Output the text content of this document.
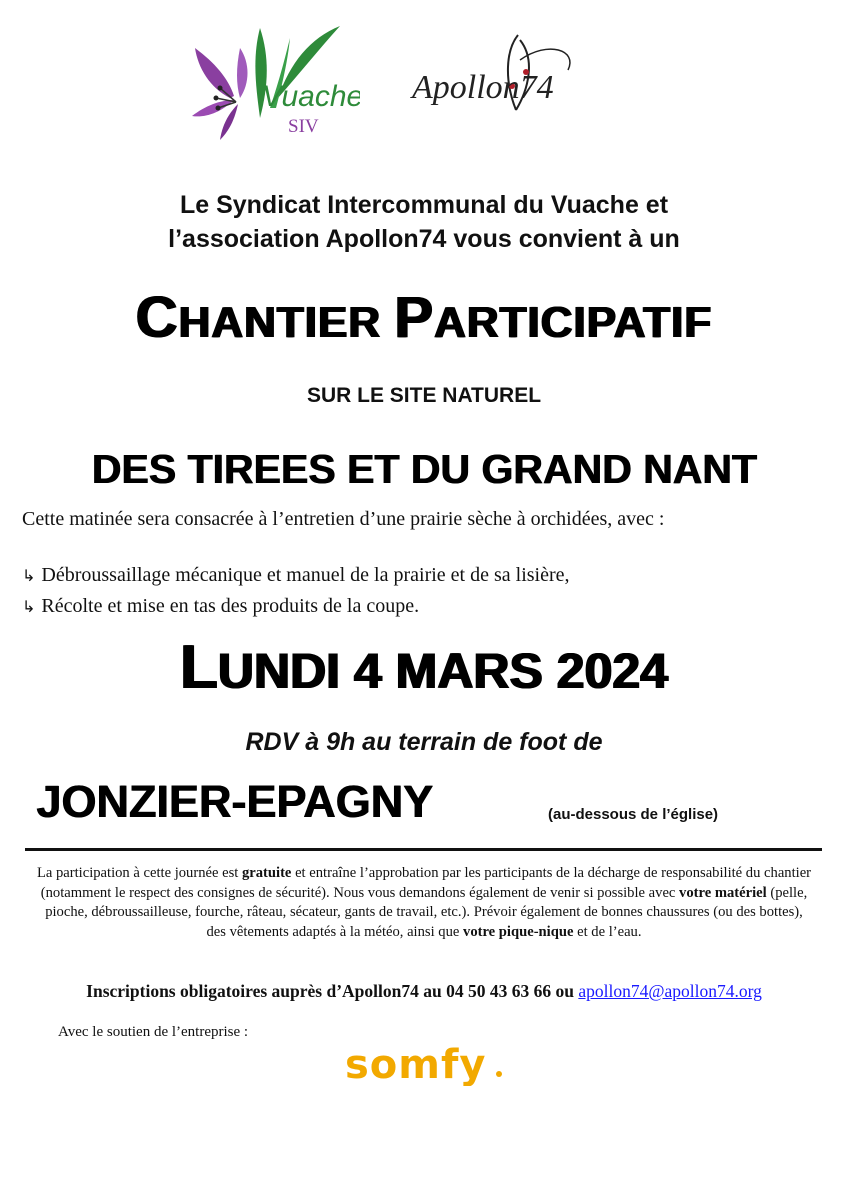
Vuache
SIV
Apollon74
Le Syndicat Intercommunal du Vuache et
l’association Apollon74 vous convient à un
CHANTIER PARTICIPATIF
SUR LE SITE NATUREL
DES TIREES ET DU GRAND NANT
Cette matinée sera consacrée à l’entretien d’une prairie sèche à orchidées, avec :
↳ Débroussaillage mécanique et manuel de la prairie et de sa lisière,
↳ Récolte et mise en tas des produits de la coupe.
LUNDI 4 MARS 2024
RDV à 9h au terrain de foot de
JONZIER-EPAGNY	(au-dessous de l’église)
La participation à cette journée est gratuite et entraîne l’approbation par les participants de la décharge de responsabilité du chantier (notamment le respect des consignes de sécurité). Nous vous demandons également de venir si possible avec votre matériel (pelle, pioche, débroussailleuse, fourche, râteau, sécateur, gants de travail, etc.). Prévoir également de bonnes chaussures (ou des bottes), des vêtements adaptés à la météo, ainsi que votre pique-nique et de l’eau.
Inscriptions obligatoires auprès d’Apollon74 au 04 50 43 63 66 ou apollon74@apollon74.org
Avec le soutien de l’entreprise :
somfy
